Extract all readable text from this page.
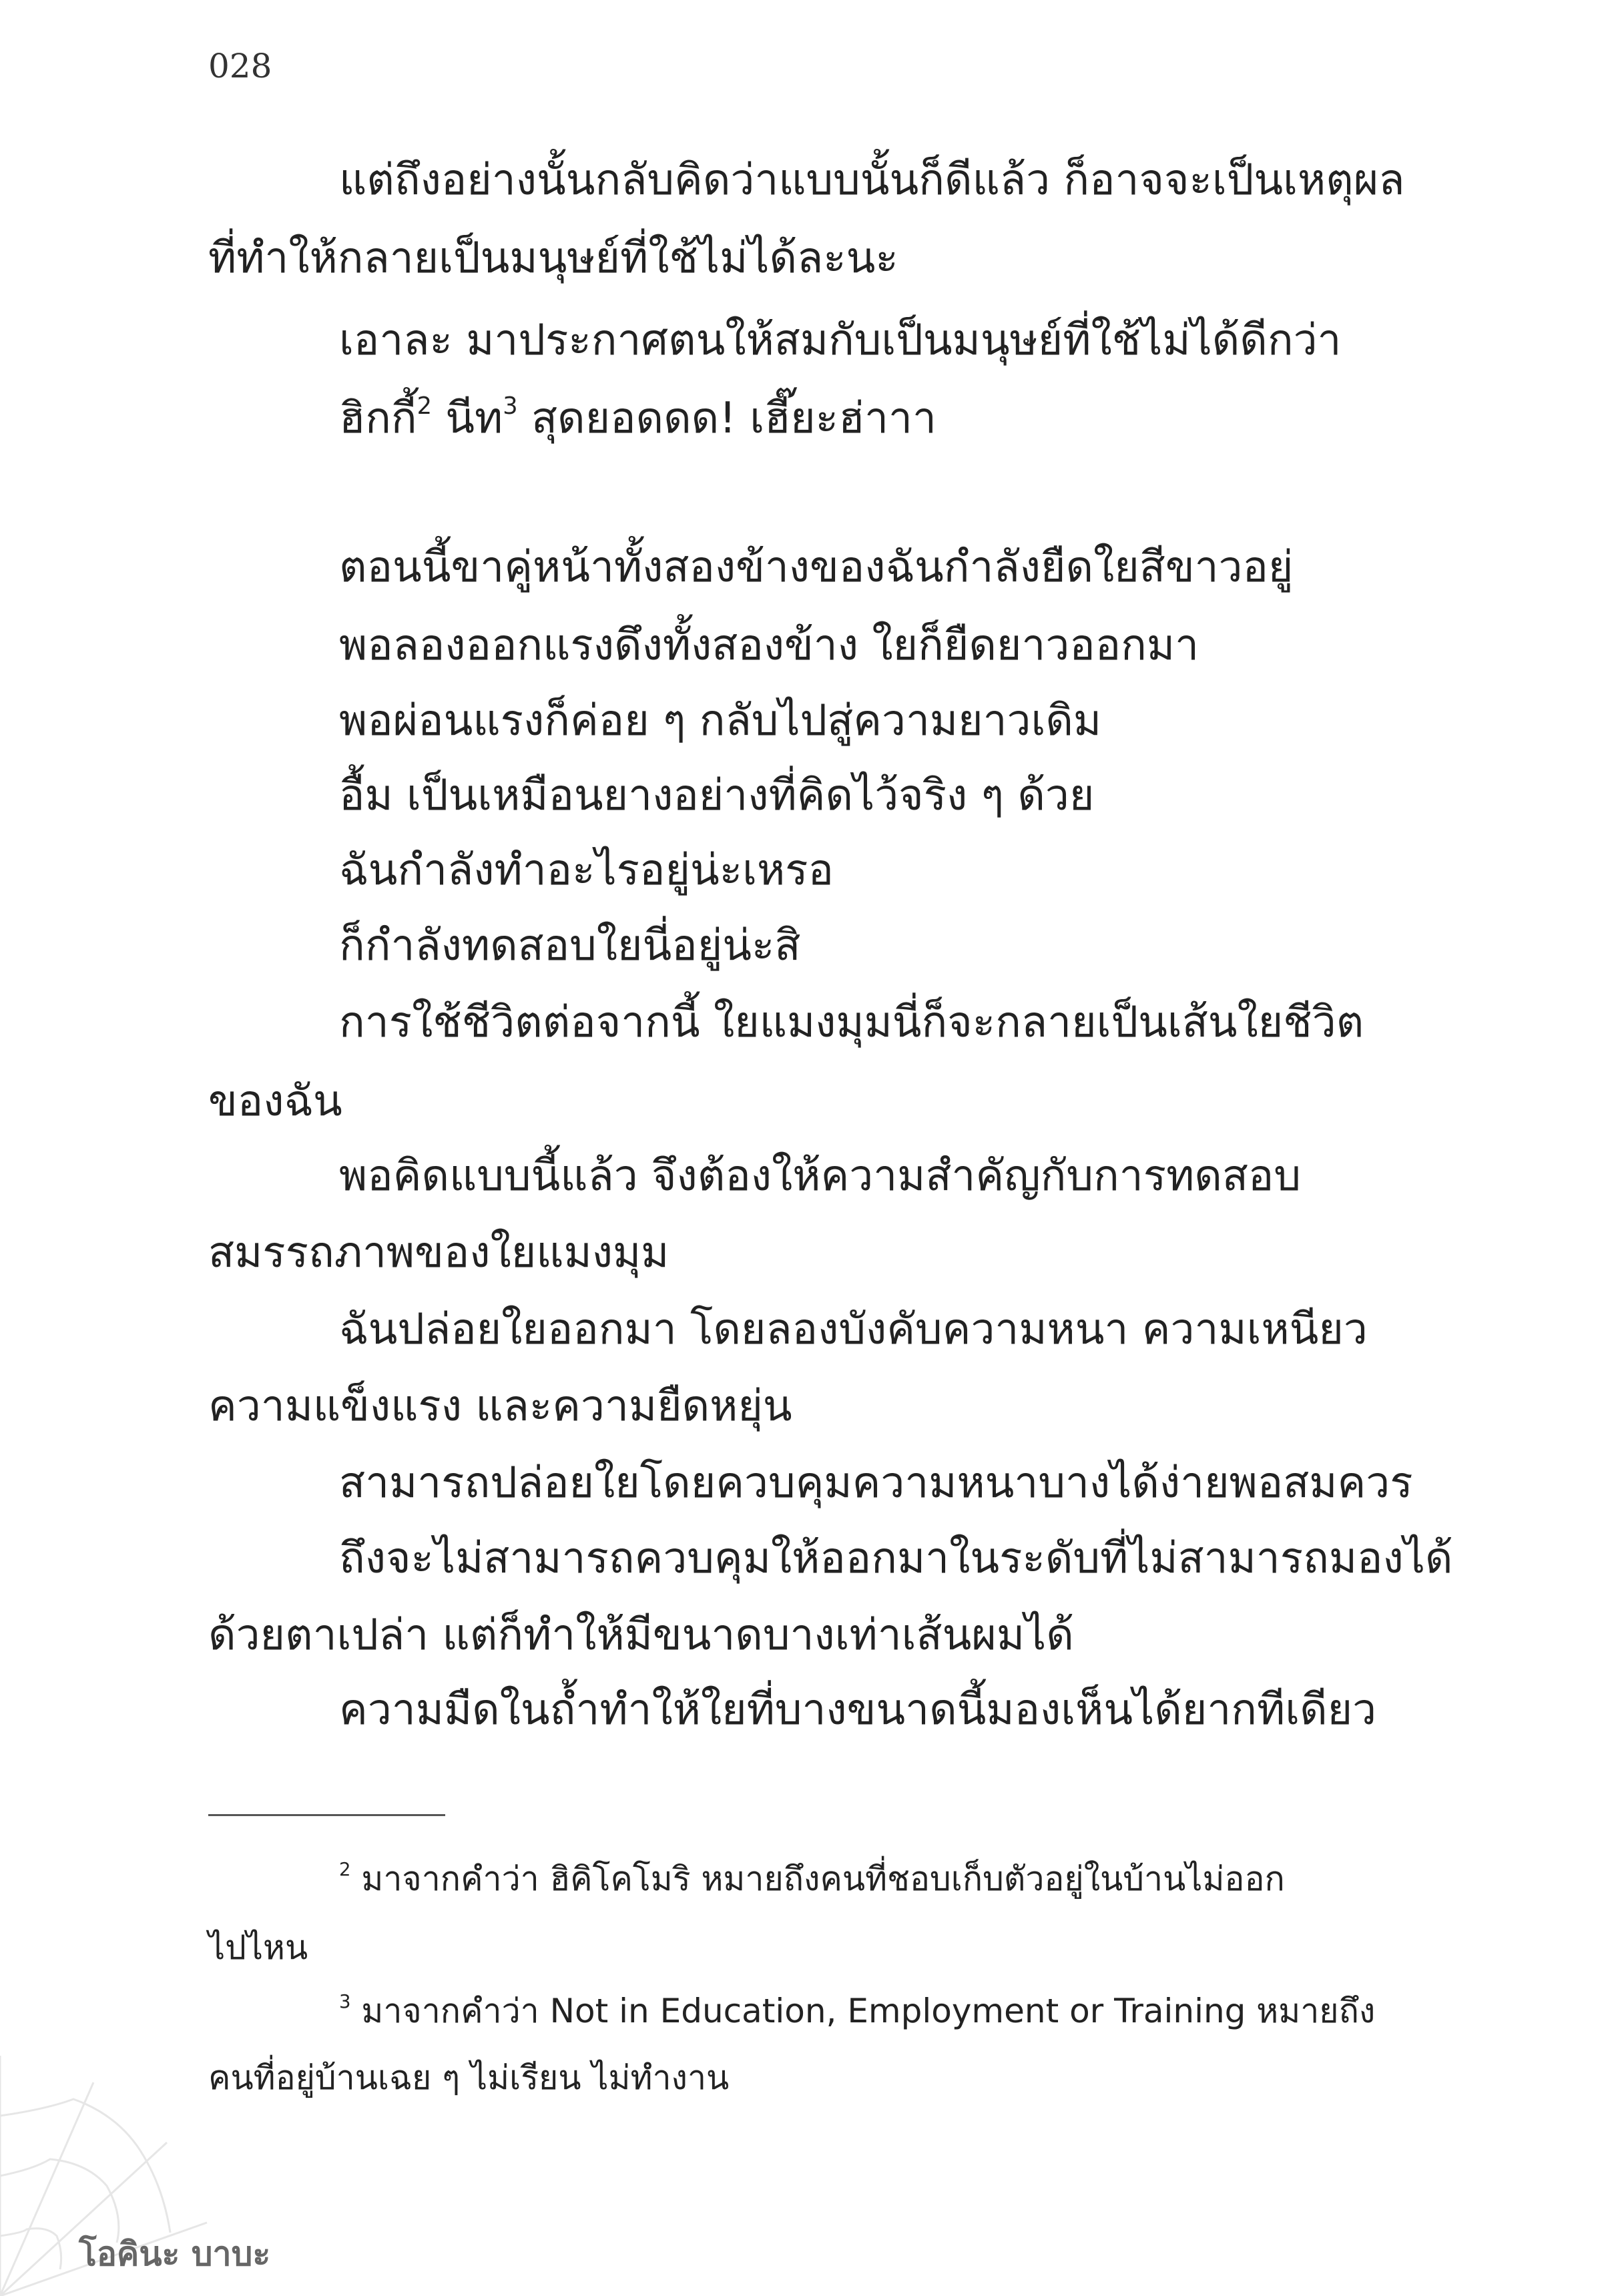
028
แต่ถึงอย่างนั้นกลับคิดว่าแบบนั้นก็ดีแล้ว ก็อาจจะเป็นเหตุผล
ที่ทำให้กลายเป็นมนุษย์ที่ใช้ไม่ได้ละนะ
เอาละ มาประกาศตนให้สมกับเป็นมนุษย์ที่ใช้ไม่ได้ดีกว่า
ฮิกกี้$^2$ นีท$^3$ สุดยอดดด! เฮี๊ยะฮ่าาา
ตอนนี้ขาคู่หน้าทั้งสองข้างของฉันกำลังยืดใยสีขาวอยู่
พอลองออกแรงดึงทั้งสองข้าง ใยก็ยืดยาวออกมา
พอผ่อนแรงก็ค่อย ๆ กลับไปสู่ความยาวเดิม
อื้ม เป็นเหมือนยางอย่างที่คิดไว้จริง ๆ ด้วย
ฉันกำลังทำอะไรอยู่น่ะเหรอ
ก็กำลังทดสอบใยนี่อยู่น่ะสิ
การใช้ชีวิตต่อจากนี้ ใยแมงมุมนี่ก็จะกลายเป็นเส้นใยชีวิต
ของฉัน
พอคิดแบบนี้แล้ว จึงต้องให้ความสำคัญกับการทดสอบ
สมรรถภาพของใยแมงมุม
ฉันปล่อยใยออกมา โดยลองบังคับความหนา ความเหนียว
ความแข็งแรง และความยืดหยุ่น
สามารถปล่อยใยโดยควบคุมความหนาบางได้ง่ายพอสมควร
ถึงจะไม่สามารถควบคุมให้ออกมาในระดับที่ไม่สามารถมองได้
ด้วยตาเปล่า แต่ก็ทำให้มีขนาดบางเท่าเส้นผมได้
ความมืดในถ้ำทำให้ใยที่บางขนาดนี้มองเห็นได้ยากทีเดียว
$^2$ มาจากคำว่า ฮิคิโคโมริ หมายถึงคนที่ชอบเก็บตัวอยู่ในบ้านไม่ออก
ไปไหน
$^3$ มาจากคำว่า Not in Education, Employment or Training หมายถึง
คนที่อยู่บ้านเฉย ๆ ไม่เรียน ไม่ทำงาน
โอคินะ บาบะ
